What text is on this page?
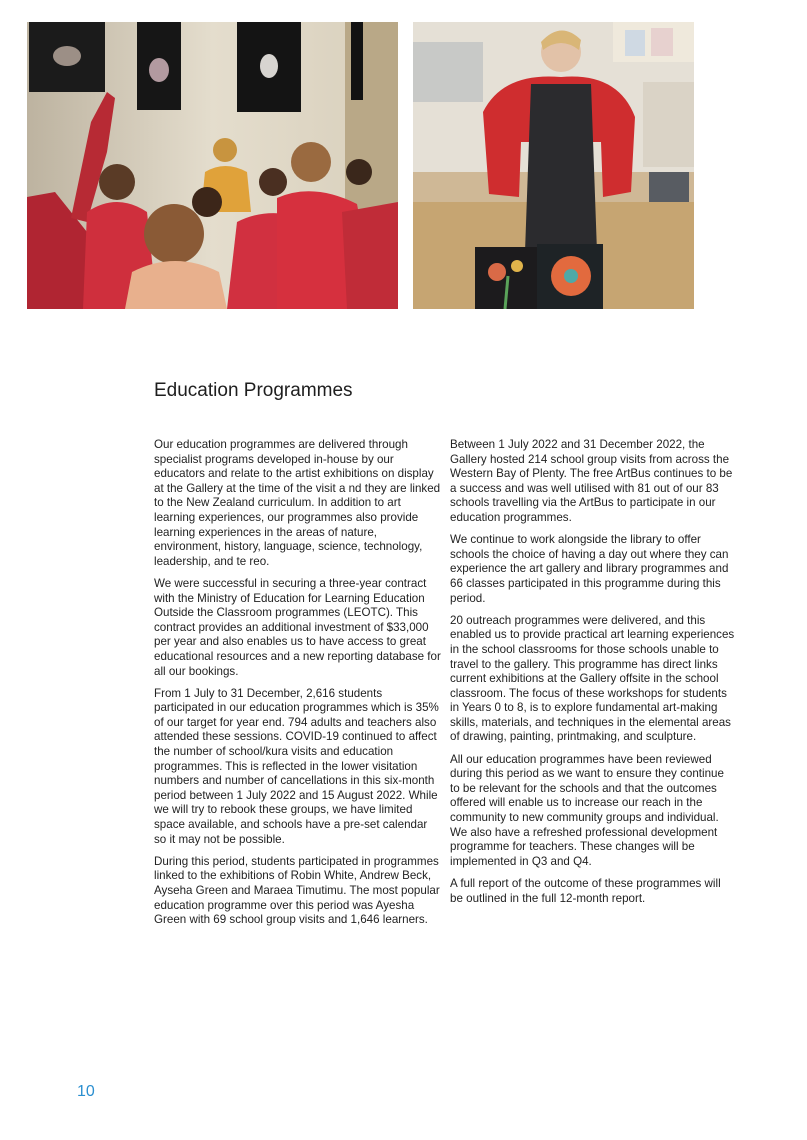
Education Programmes

Our education programmes are delivered through specialist programs developed in-house by our educators and relate to the artist exhibitions on display at the Gallery at the time of the visit a nd they are linked to the New Zealand curriculum. In addition to art learning experiences, our programmes also provide learning experiences in the areas of nature, environment, history, language, science, technology, leadership, and te reo.

We were successful in securing a three-year contract with the Ministry of Education for Learning Education Outside the Classroom programmes (LEOTC). This contract provides an additional investment of $33,000 per year and also enables us to have access to great educational resources and a new reporting database for all our bookings.

From 1 July to 31 December, 2,616 students participated in our education programmes which is 35% of our target for year end. 794 adults and teachers also attended these sessions. COVID-19 continued to affect the number of school/kura visits and education programmes. This is reflected in the lower visitation numbers and number of cancellations in this six-month period between 1 July 2022 and 15 August 2022. While we will try to rebook these groups, we have limited space available, and schools have a pre-set calendar so it may not be possible.

During this period, students participated in programmes linked to the exhibitions of Robin White, Andrew Beck, Ayseha Green and Maraea Timutimu. The most popular education programme over this period was Ayesha Green with 69 school group visits and 1,646 learners.

Between 1 July 2022 and 31 December 2022, the Gallery hosted 214 school group visits from across the Western Bay of Plenty. The free ArtBus continues to be a success and was well utilised with 81 out of our 83 schools travelling via the ArtBus to participate in our education programmes.

We continue to work alongside the library to offer schools the choice of having a day out where they can experience the art gallery and library programmes and 66 classes participated in this programme during this period.

20 outreach programmes were delivered, and this enabled us to provide practical art learning experiences in the school classrooms for those schools unable to travel to the gallery. This programme has direct links current exhibitions at the Gallery offsite in the school classroom. The focus of these workshops for students in Years 0 to 8, is to explore fundamental art-making skills, materials, and techniques in the elemental areas of drawing, painting, printmaking, and sculpture.

All our education programmes have been reviewed during this period as we want to ensure they continue to be relevant for the schools and that the outcomes offered will enable us to increase our reach in the community to new community groups and individual. We also have a refreshed professional development programme for teachers. These changes will be implemented in Q3 and Q4.

A full report of the outcome of these programmes will be outlined in the full 12-month report.

10
